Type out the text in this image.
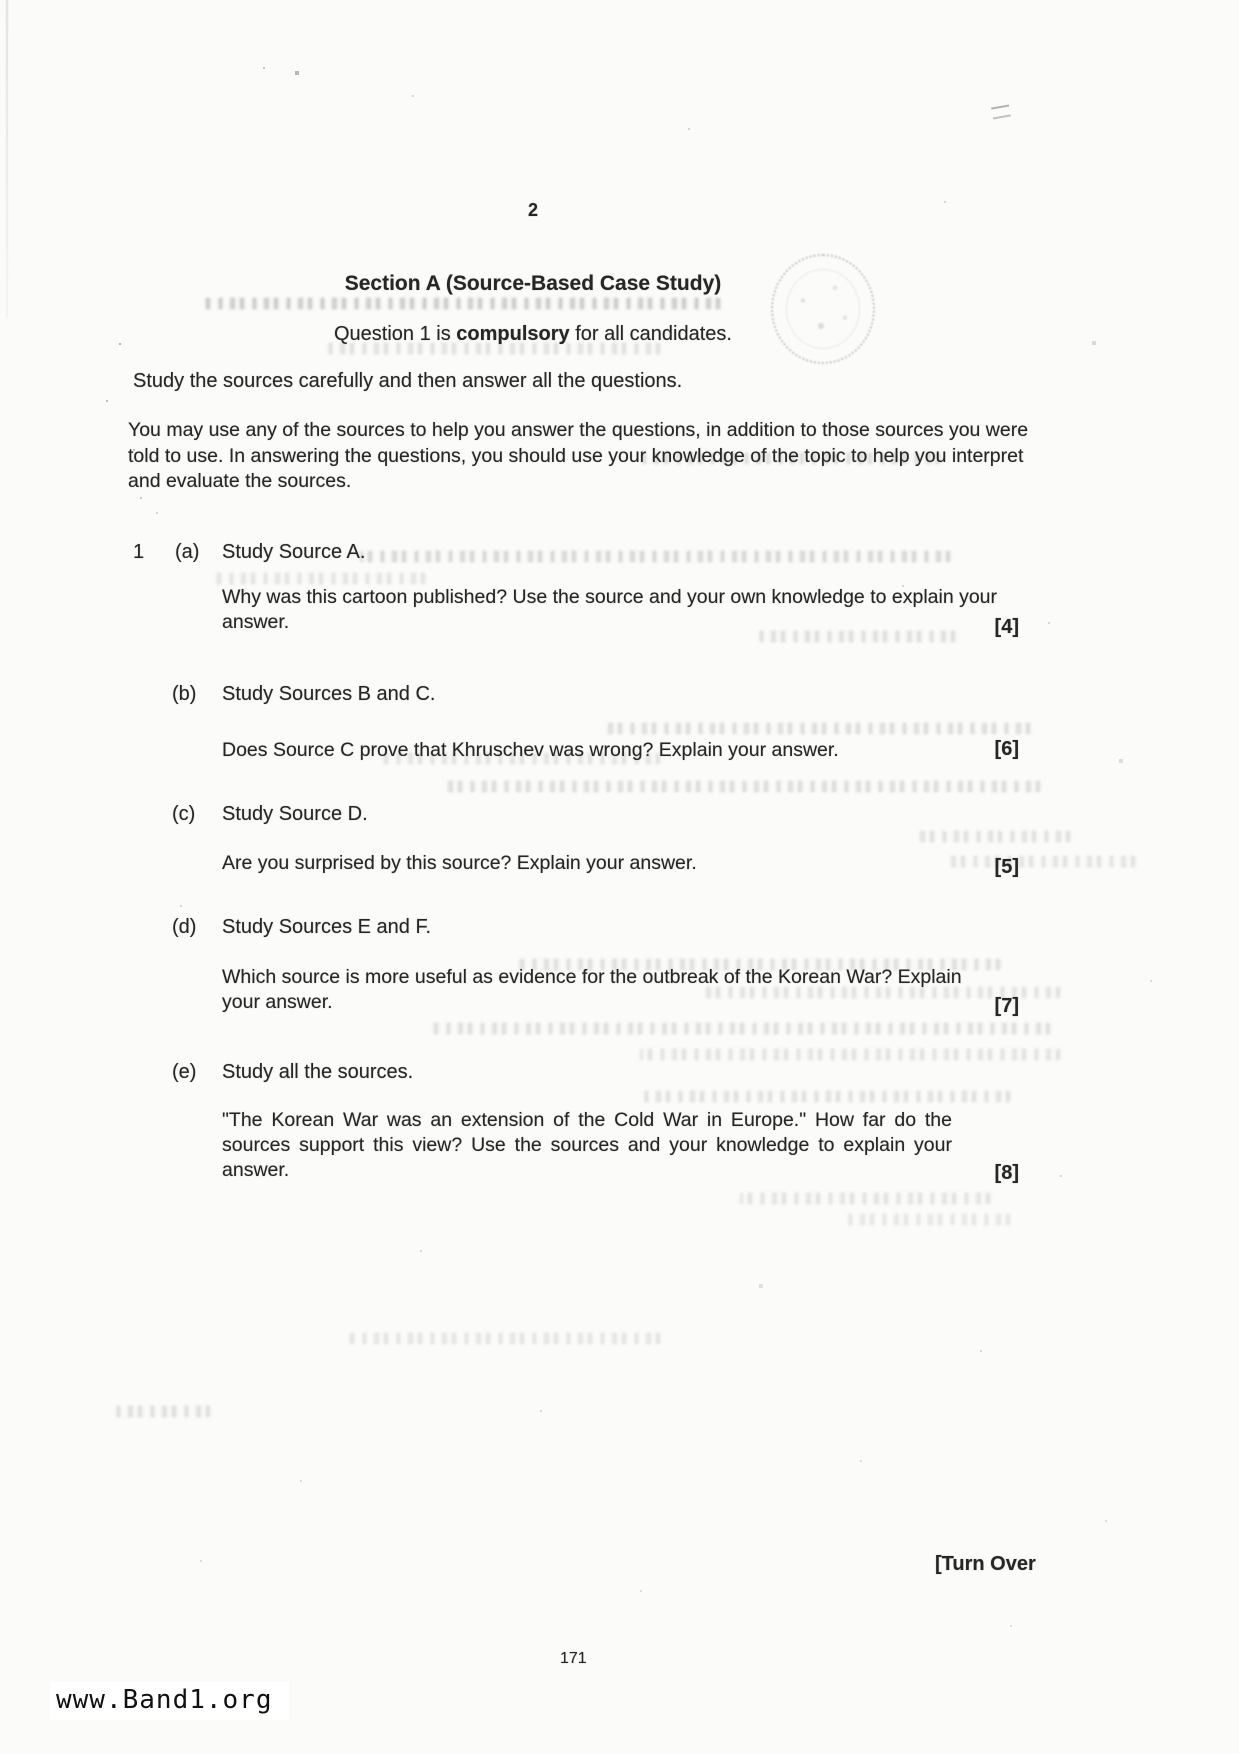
2
Section A (Source-Based Case Study)
Question 1 is compulsory for all candidates.
Study the sources carefully and then answer all the questions.
You may use any of the sources to help you answer the questions, in addition to those sources you were told to use. In answering the questions, you should use your knowledge of the topic to help you interpret and evaluate the sources.
1 (a) Study Source A.
Why was this cartoon published? Use the source and your own knowledge to explain your answer.	[4]
(b) Study Sources B and C.
Does Source C prove that Khruschev was wrong? Explain your answer.	[6]
(c) Study Source D.
Are you surprised by this source? Explain your answer.	[5]
(d) Study Sources E and F.
Which source is more useful as evidence for the outbreak of the Korean War? Explain your answer.	[7]
(e) Study all the sources.
"The Korean War was an extension of the Cold War in Europe." How far do the sources support this view? Use the sources and your knowledge to explain your answer.	[8]
[Turn Over
171
www.Band1.org
